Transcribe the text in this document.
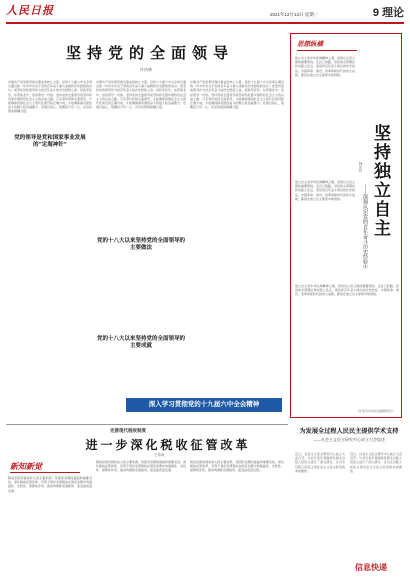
人民日报	2021年12月13日 星期一	9 理论
坚持党的全面领导
许庆林
中国共产党是领导我们事业的核心力量。党的十九届六中全会审议通过的《中共中央关于党的百年奋斗重大成就和历史经验的决议》把坚持党的领导作为党百年奋斗的历史经验之首。党政军民学，东西南北中，党是领导一切的。坚持党的全面领导是坚持和发展中国特色社会主义的必由之路。只有坚持党的全面领导，才能确保我国社会主义现代化建设的正确方向，才能确保拥有团结奋斗的强大政治凝聚力、发展自信心，集聚起万众一心、共克时艰的磅礴力量。
中国共产党是领导我们事业的核心力量。党的十九届六中全会审议通过的《中共中央关于党的百年奋斗重大成就和历史经验的决议》把坚持党的领导作为党百年奋斗的历史经验之首。党政军民学，东西南北中，党是领导一切的。坚持党的全面领导是坚持和发展中国特色社会主义的必由之路。只有坚持党的全面领导，才能确保我国社会主义现代化建设的正确方向，才能确保拥有团结奋斗的强大政治凝聚力、发展自信心，集聚起万众一心、共克时艰的磅礴力量。
中国共产党是领导我们事业的核心力量。党的十九届六中全会审议通过的《中共中央关于党的百年奋斗重大成就和历史经验的决议》把坚持党的领导作为党百年奋斗的历史经验之首。党政军民学，东西南北中，党是领导一切的。坚持党的全面领导是坚持和发展中国特色社会主义的必由之路。只有坚持党的全面领导，才能确保我国社会主义现代化建设的正确方向，才能确保拥有团结奋斗的强大政治凝聚力、发展自信心，集聚起万众一心、共克时艰的磅礴力量。
党的领导是党和国家事业发展的“定海神针”
党的十八大以来坚持党的全面领导的主要做法
党的十八大以来坚持党的全面领导的主要成就
深入学习贯彻党的十九届六中全会精神
思想纵横
坚持独立自主
——深刻认识党的百年奋斗历史经验④
韩庆祥
独立自主是中华民族精神之魂，是我们立党立国的重要原则。走自己的路，是党的全部理论和实践立足点，更是党百年奋斗得出的历史结论。中国革命、建设、改革和新时代的伟大成就，都是在独立自主探索中取得的。
独立自主是中华民族精神之魂，是我们立党立国的重要原则。走自己的路，是党的全部理论和实践立足点，更是党百年奋斗得出的历史结论。中国革命、建设、改革和新时代的伟大成就，都是在独立自主探索中取得的。
独立自主是中华民族精神之魂，是我们立党立国的重要原则。走自己的路，是党的全部理论和实践立足点，更是党百年奋斗得出的历史结论。中国革命、建设、改革和新时代的伟大成就，都是在独立自主探索中取得的。
（作者为中央党校副教育长）
完善现代税收制度
进一步深化税收征管改革
王伟域
新知新觉
税收是国家财政收入的主要来源，是国家治理的基础和重要支柱。深化税收征管改革，有利于更好发挥税收在国家治理中的基础性、支柱性、保障性作用，推动构建新发展格局，促进高质量发展。
税收是国家财政收入的主要来源，是国家治理的基础和重要支柱。深化税收征管改革，有利于更好发挥税收在国家治理中的基础性、支柱性、保障性作用，推动构建新发展格局，促进高质量发展。
税收是国家财政收入的主要来源，是国家治理的基础和重要支柱。深化税收征管改革，有利于更好发挥税收在国家治理中的基础性、支柱性、保障性作用，推动构建新发展格局，促进高质量发展。
为发展全过程人民民主提供学术支持
——社会主义民主研究中心成立大会综述
近日，社会主义民主研究中心成立大会召开。与会专家学者围绕发展全过程人民民主进行了深入研讨，认为全过程人民民主是社会主义民主政治的本质属性。
近日，社会主义民主研究中心成立大会召开。与会专家学者围绕发展全过程人民民主进行了深入研讨，认为全过程人民民主是社会主义民主政治的本质属性。
信息快递
